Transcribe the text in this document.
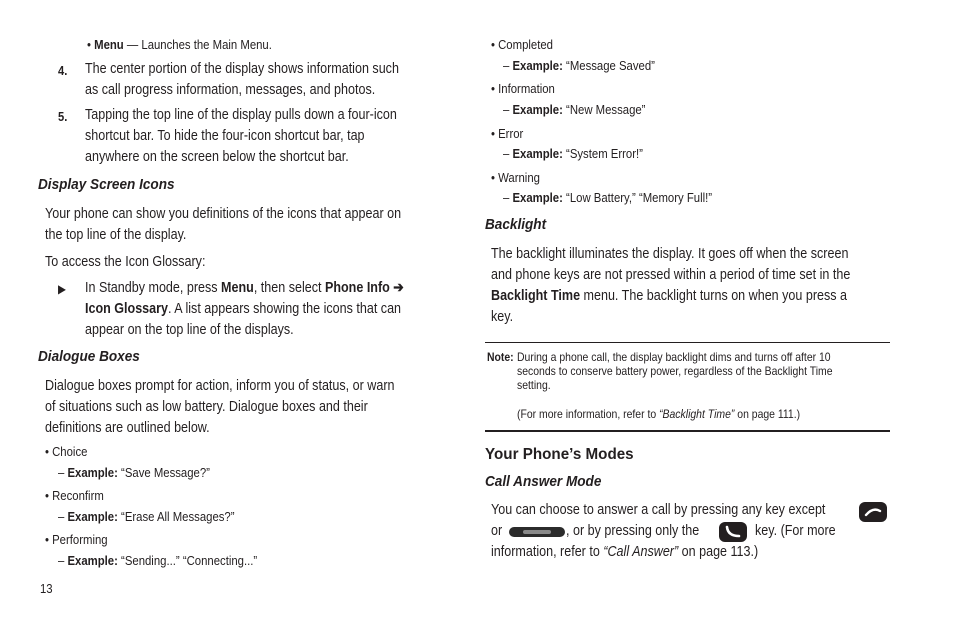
• Menu — Launches the Main Menu.
4. The center portion of the display shows information such
as call progress information, messages, and photos.
5. Tapping the top line of the display pulls down a four-icon
shortcut bar. To hide the four-icon shortcut bar, tap
anywhere on the screen below the shortcut bar.
Display Screen Icons
Your phone can show you definitions of the icons that appear on
the top line of the display.
To access the Icon Glossary:
▶ In Standby mode, press Menu, then select Phone Info ➔
Icon Glossary. A list appears showing the icons that can
appear on the top line of the displays.
Dialogue Boxes
Dialogue boxes prompt for action, inform you of status, or warn
of situations such as low battery. Dialogue boxes and their
definitions are outlined below.
• Choice
– Example: “Save Message?”
• Reconfirm
– Example: “Erase All Messages?”
• Performing
– Example: “Sending...” “Connecting...”
13
• Completed
– Example: “Message Saved”
• Information
– Example: “New Message”
• Error
– Example: “System Error!”
• Warning
– Example: “Low Battery,” “Memory Full!”
Backlight
The backlight illuminates the display. It goes off when the screen
and phone keys are not pressed within a period of time set in the
Backlight Time menu. The backlight turns on when you press a
key.
Note: During a phone call, the display backlight dims and turns off after 10
seconds to conserve battery power, regardless of the Backlight Time
setting.
(For more information, refer to “Backlight Time” on page 111.)
Your Phone’s Modes
Call Answer Mode
You can choose to answer a call by pressing any key except
or	, or by pressing only the	key. (For more
information, refer to “Call Answer” on page 113.)
